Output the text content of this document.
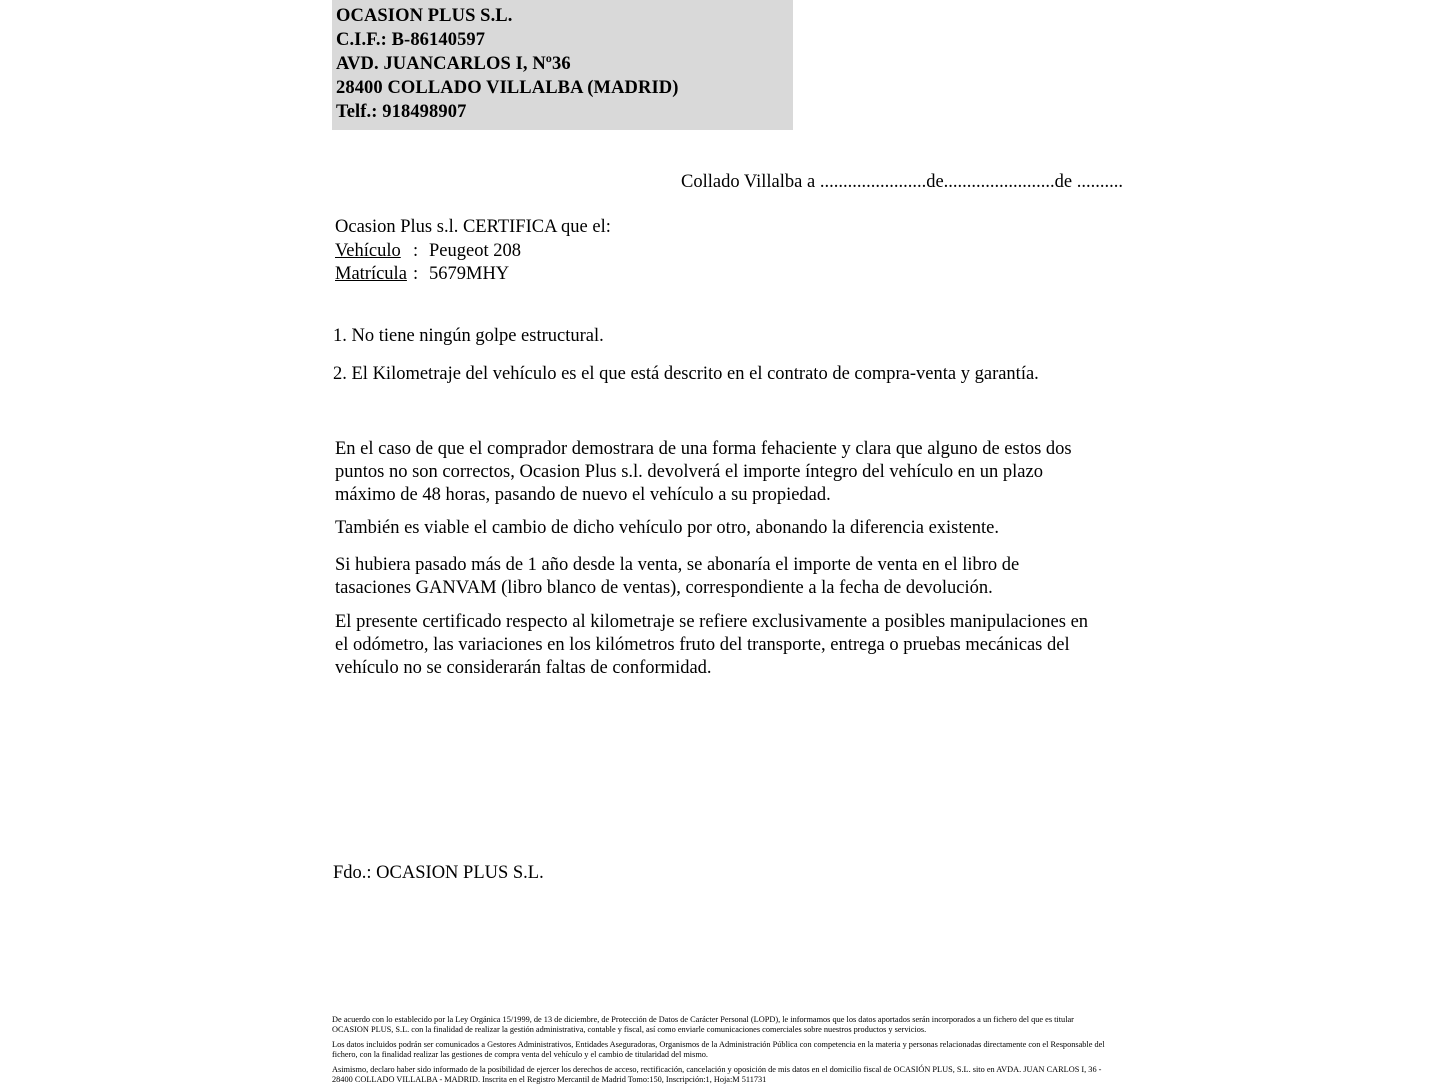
OCASION PLUS S.L.
C.I.F.: B-86140597
AVD. JUANCARLOS I, Nº36
28400 COLLADO VILLALBA (MADRID)
Telf.: 918498907
Collado Villalba a .......................de........................de ..........
Ocasion Plus s.l. CERTIFICA que el:
Vehículo : Peugeot 208
Matrícula : 5679MHY
1. No tiene ningún golpe estructural.
2. El Kilometraje del vehículo es el que está descrito en el contrato de compra-venta y garantía.
En el caso de que el comprador demostrara de una forma fehaciente y clara que alguno de estos dos puntos no son correctos, Ocasion Plus s.l. devolverá el importe íntegro del vehículo en un plazo máximo de 48 horas, pasando de nuevo el vehículo a su propiedad.
También es viable el cambio de dicho vehículo por otro, abonando la diferencia existente.
Si hubiera pasado más de 1 año desde la venta, se abonaría el importe de venta en el libro de tasaciones GANVAM (libro blanco de ventas), correspondiente a la fecha de devolución.
El presente certificado respecto al kilometraje se refiere exclusivamente a posibles manipulaciones en el odómetro, las variaciones en los kilómetros fruto del transporte, entrega o pruebas mecánicas del vehículo no se considerarán faltas de conformidad.
Fdo.: OCASION PLUS S.L.

De acuerdo con lo establecido por la Ley Orgánica 15/1999, de 13 de diciembre, de Protección de Datos de Carácter Personal (LOPD), le informamos que los datos aportados serán incorporados a un fichero del que es titular OCASION PLUS, S.L. con la finalidad de realizar la gestión administrativa, contable y fiscal, así como enviarle comunicaciones comerciales sobre nuestros productos y servicios.

Los datos incluidos podrán ser comunicados a Gestores Administrativos, Entidades Aseguradoras, Organismos de la Administración Pública con competencia en la materia y personas relacionadas directamente con el Responsable del fichero, con la finalidad realizar las gestiones de compra venta del vehículo y el cambio de titularidad del mismo.

Asimismo, declaro haber sido informado de la posibilidad de ejercer los derechos de acceso, rectificación, cancelación y oposición de mis datos en el domicilio fiscal de OCASIÓN PLUS, S.L. sito en AVDA. JUAN CARLOS I, 36 - 28400 COLLADO VILLALBA - MADRID. Inscrita en el Registro Mercantil de Madrid Tomo:150, Inscripción:1, Hoja:M 511731
